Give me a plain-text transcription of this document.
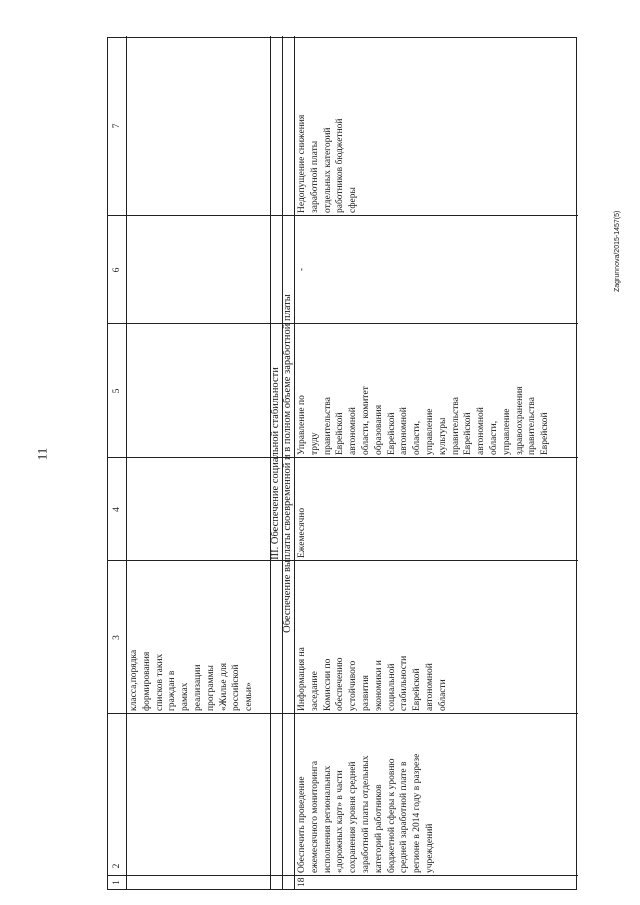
11
Zagrunnova/2015-1457(5)
1
2
3
4
5
6
7
класса,порядка
формирования
списков таких
граждан в
рамках
реализации
программы
«Жилье для
российской
семьи»
III. Обеспечение социальной стабильности Обеспечение выплаты своевременной и в полном объеме заработной платы
18
Обеспечить проведение
ежемесячного мониторинга
исполнения региональных
«дорожных карт» в части
сохранения уровня средней
заработной платы отдельных
категорий работников
бюджетной сферы к уровню
средней заработной плате в
регионе в 2014 году в разрезе
учреждений
Информация на
заседание
Комиссии по
обеспечению
устойчивого
развития
экономики и
социальной
стабильности
Еврейской
автономной
области
Ежемесячно
Управление по
труду
правительства
Еврейской
автономной
области, комитет
образования
Еврейской
автономной
области,
управление
культуры
правительства
Еврейской
автономной
области,
управление
здравоохранения
правительства
Еврейской
-
Недопущение снижения
заработной платы
отдельных категорий
работников бюджетной
сферы
